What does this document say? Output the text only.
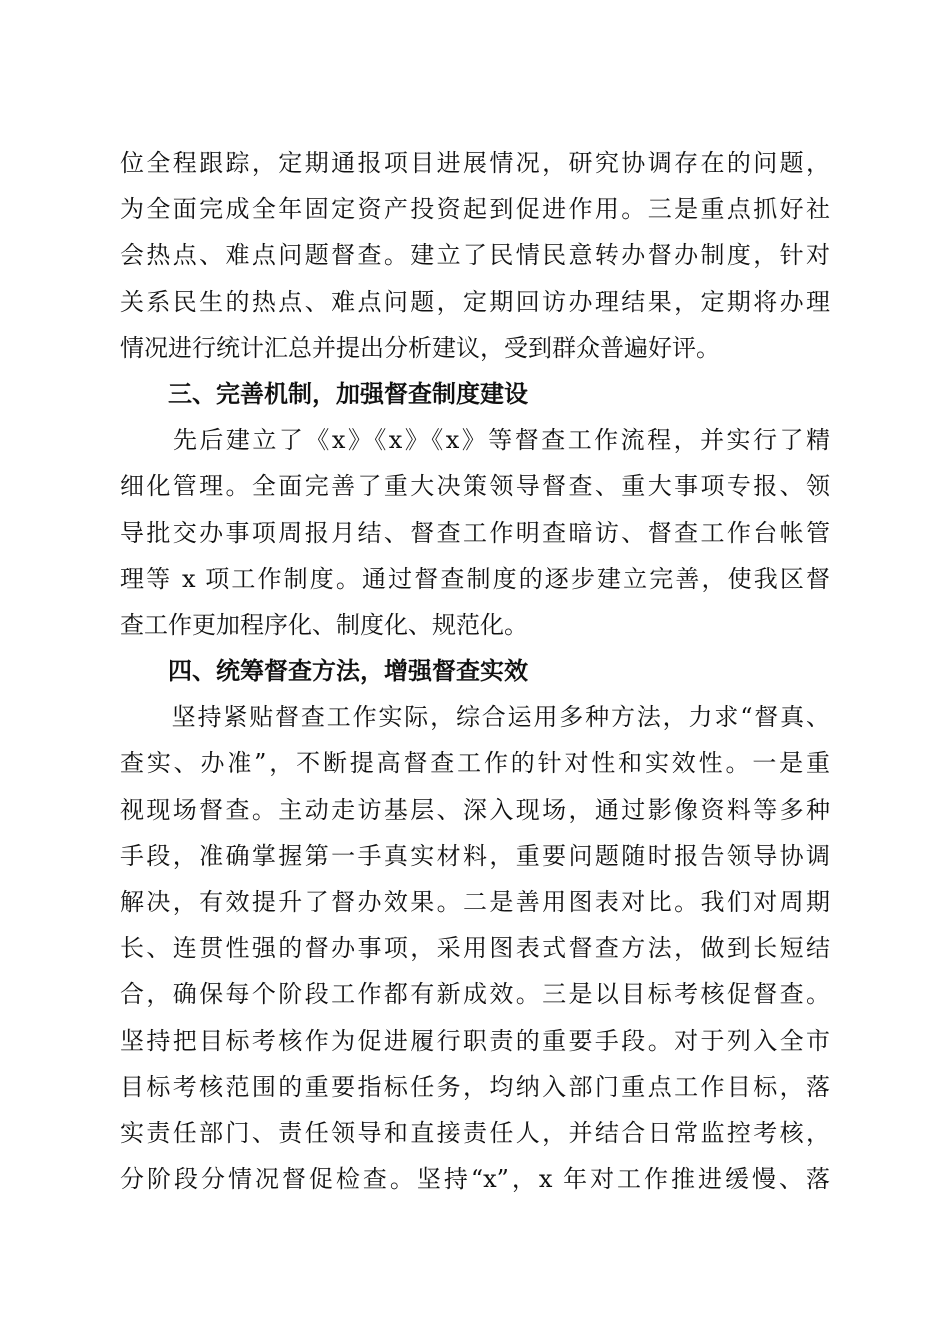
位全程跟踪，定期通报项目进展情况，研究协调存在的问题，
为全面完成全年固定资产投资起到促进作用。三是重点抓好社
会热点、难点问题督查。建立了民情民意转办督办制度，针对
关系民生的热点、难点问题，定期回访办理结果，定期将办理
情况进行统计汇总并提出分析建议，受到群众普遍好评。
　　三、完善机制，加强督查制度建设
　　先后建立了《x》《x》《x》等督查工作流程，并实行了精
细化管理。全面完善了重大决策领导督查、重大事项专报、领
导批交办事项周报月结、督查工作明查暗访、督查工作台帐管
理等 x 项工作制度。通过督查制度的逐步建立完善，使我区督
查工作更加程序化、制度化、规范化。
　　四、统筹督查方法，增强督查实效
　　坚持紧贴督查工作实际，综合运用多种方法，力求“督真、
查实、办准”，不断提高督查工作的针对性和实效性。一是重
视现场督查。主动走访基层、深入现场，通过影像资料等多种
手段，准确掌握第一手真实材料，重要问题随时报告领导协调
解决，有效提升了督办效果。二是善用图表对比。我们对周期
长、连贯性强的督办事项，采用图表式督查方法，做到长短结
合，确保每个阶段工作都有新成效。三是以目标考核促督查。
坚持把目标考核作为促进履行职责的重要手段。对于列入全市
目标考核范围的重要指标任务，均纳入部门重点工作目标，落
实责任部门、责任领导和直接责任人，并结合日常监控考核，
分阶段分情况督促检查。坚持“x”，x 年对工作推进缓慢、落
